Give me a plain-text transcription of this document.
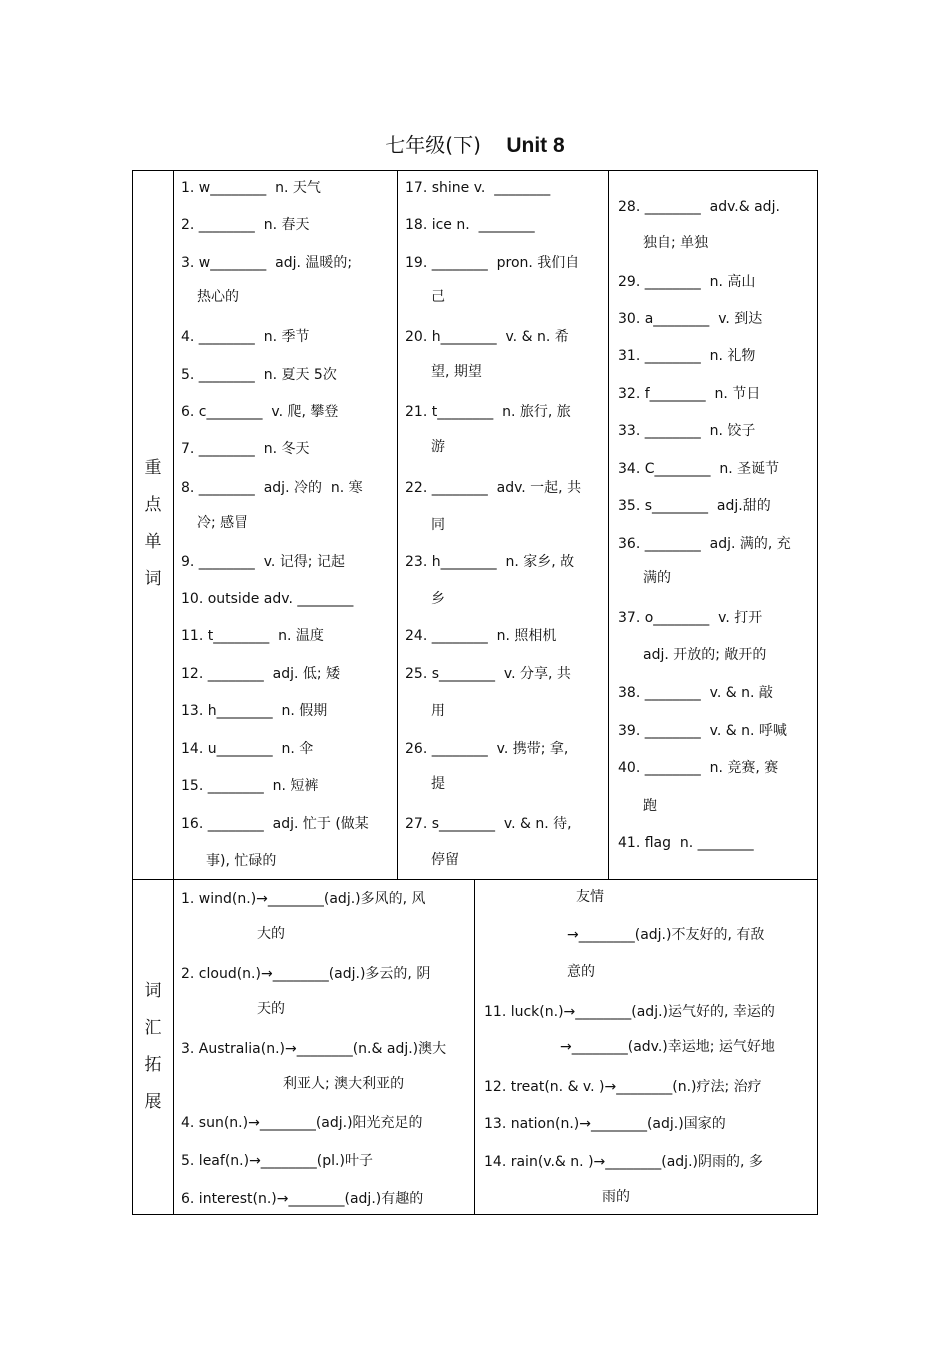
七年级(下) Unit 8
重
点
单
词
词
汇
拓
展
1. w________  n. 天气
2. ________  n. 春天
3. w________  adj. 温暖的;
热心的
4. ________  n. 季节
5. ________  n. 夏天 5次
6. c________  v. 爬, 攀登
7. ________  n. 冬天
8. ________  adj. 冷的  n. 寒
冷; 感冒
9. ________  v. 记得; 记起
10. outside adv. ________
11. t________  n. 温度
12. ________  adj. 低; 矮
13. h________  n. 假期
14. u________  n. 伞
15. ________  n. 短裤
16. ________  adj. 忙于 (做某
事), 忙碌的
17. shine v.  ________
18. ice n.  ________
19. ________  pron. 我们自
己
20. h________  v. & n. 希
望, 期望
21. t________  n. 旅行, 旅
游
22. ________  adv. 一起, 共
同
23. h________  n. 家乡, 故
乡
24. ________  n. 照相机
25. s________  v. 分享, 共
用
26. ________  v. 携带; 拿,
提
27. s________  v. & n. 待,
停留
28. ________  adv.& adj.
独自; 单独
29. ________  n. 高山
30. a________  v. 到达
31. ________  n. 礼物
32. f________  n. 节日
33. ________  n. 饺子
34. C________  n. 圣诞节
35. s________  adj.甜的
36. ________  adj. 满的, 充
满的
37. o________  v. 打开
adj. 开放的; 敞开的
38. ________  v. & n. 敲
39. ________  v. & n. 呼喊
40. ________  n. 竞赛, 赛
跑
41. flag  n. ________
1. wind(n.)→________(adj.)多风的, 风
大的
2. cloud(n.)→________(adj.)多云的, 阴
天的
3. Australia(n.)→________(n.& adj.)澳大
利亚人; 澳大利亚的
4. sun(n.)→________(adj.)阳光充足的
5. leaf(n.)→________(pl.)叶子
6. interest(n.)→________(adj.)有趣的
友情
→________(adj.)不友好的, 有敌
意的
11. luck(n.)→________(adj.)运气好的, 幸运的
→________(adv.)幸运地; 运气好地
12. treat(n. & v. )→________(n.)疗法; 治疗
13. nation(n.)→________(adj.)国家的
14. rain(v.& n. )→________(adj.)阴雨的, 多
雨的
